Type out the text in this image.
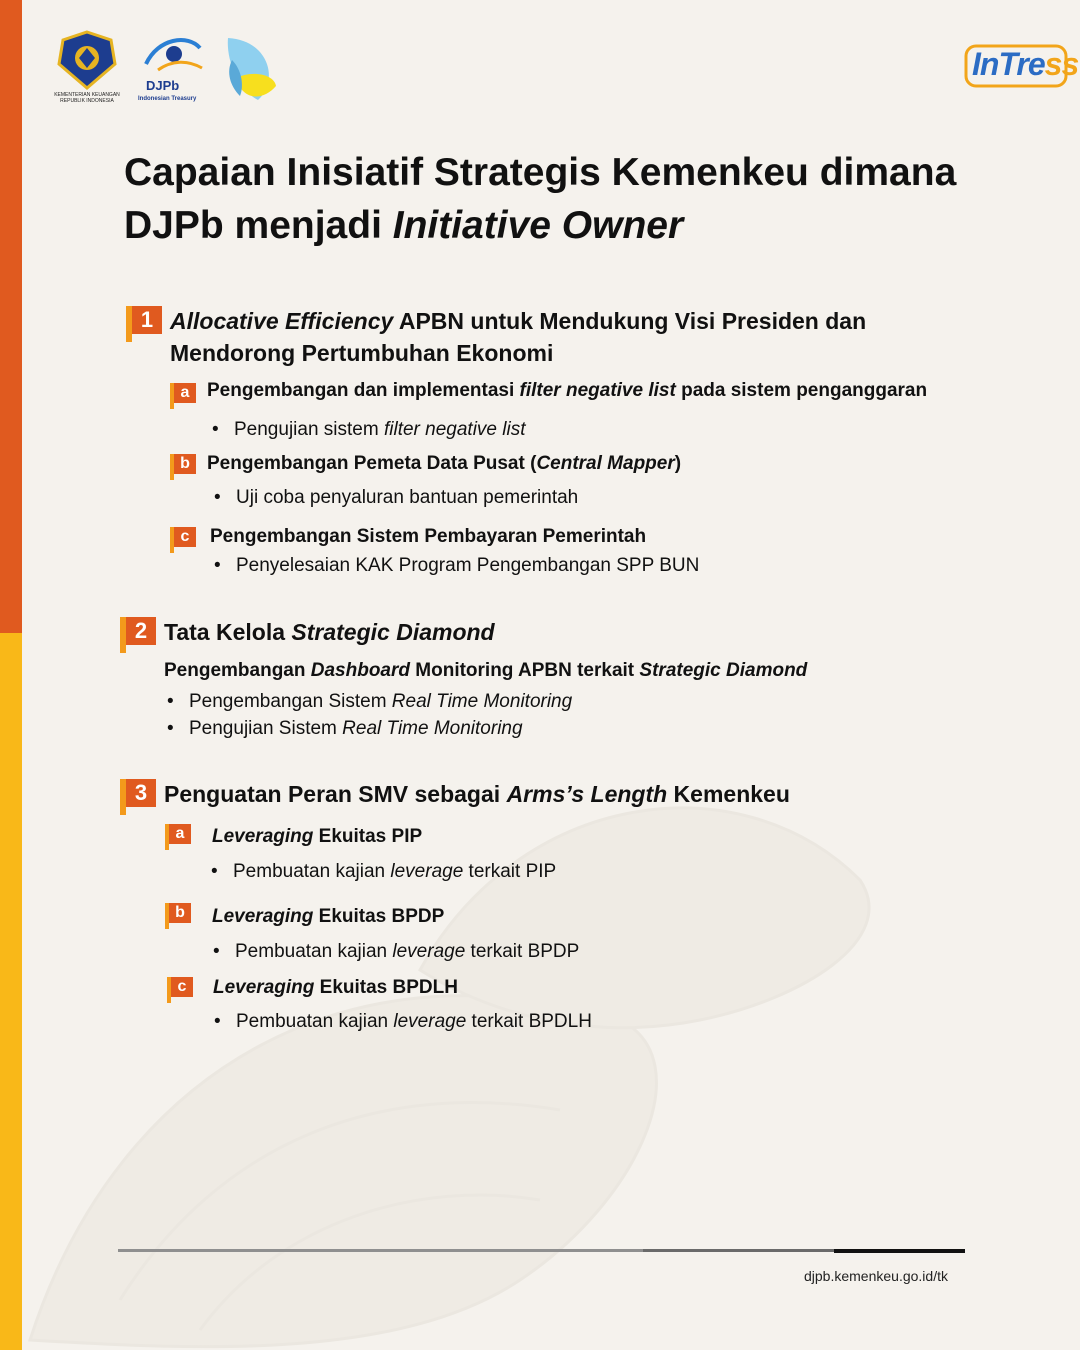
KEMENTERIAN KEUANGAN
REPUBLIK INDONESIA
DJPb
Indonesian Treasury
InTress
Capaian Inisiatif Strategis Kemenkeu dimana
DJPb menjadi Initiative Owner
1 Allocative Efficiency APBN untuk Mendukung Visi Presiden dan
Mendorong Pertumbuhan Ekonomi
a Pengembangan dan implementasi filter negative list pada sistem penganggaran
• Pengujian sistem filter negative list
b Pengembangan Pemeta Data Pusat (Central Mapper)
• Uji coba penyaluran bantuan pemerintah
c	Pengembangan Sistem Pembayaran Pemerintah
• Penyelesaian KAK Program Pengembangan SPP BUN
2 Tata Kelola Strategic Diamond
Pengembangan Dashboard Monitoring APBN terkait Strategic Diamond
• Pengembangan Sistem Real Time Monitoring
• Pengujian Sistem Real Time Monitoring
3 Penguatan Peran SMV sebagai Arms’s Length Kemenkeu
a	Leveraging Ekuitas PIP
• Pembuatan kajian leverage terkait PIP
b	Leveraging Ekuitas BPDP
• Pembuatan kajian leverage terkait BPDP
c	Leveraging Ekuitas BPDLH
• Pembuatan kajian leverage terkait BPDLH
djpb.kemenkeu.go.id/tk
